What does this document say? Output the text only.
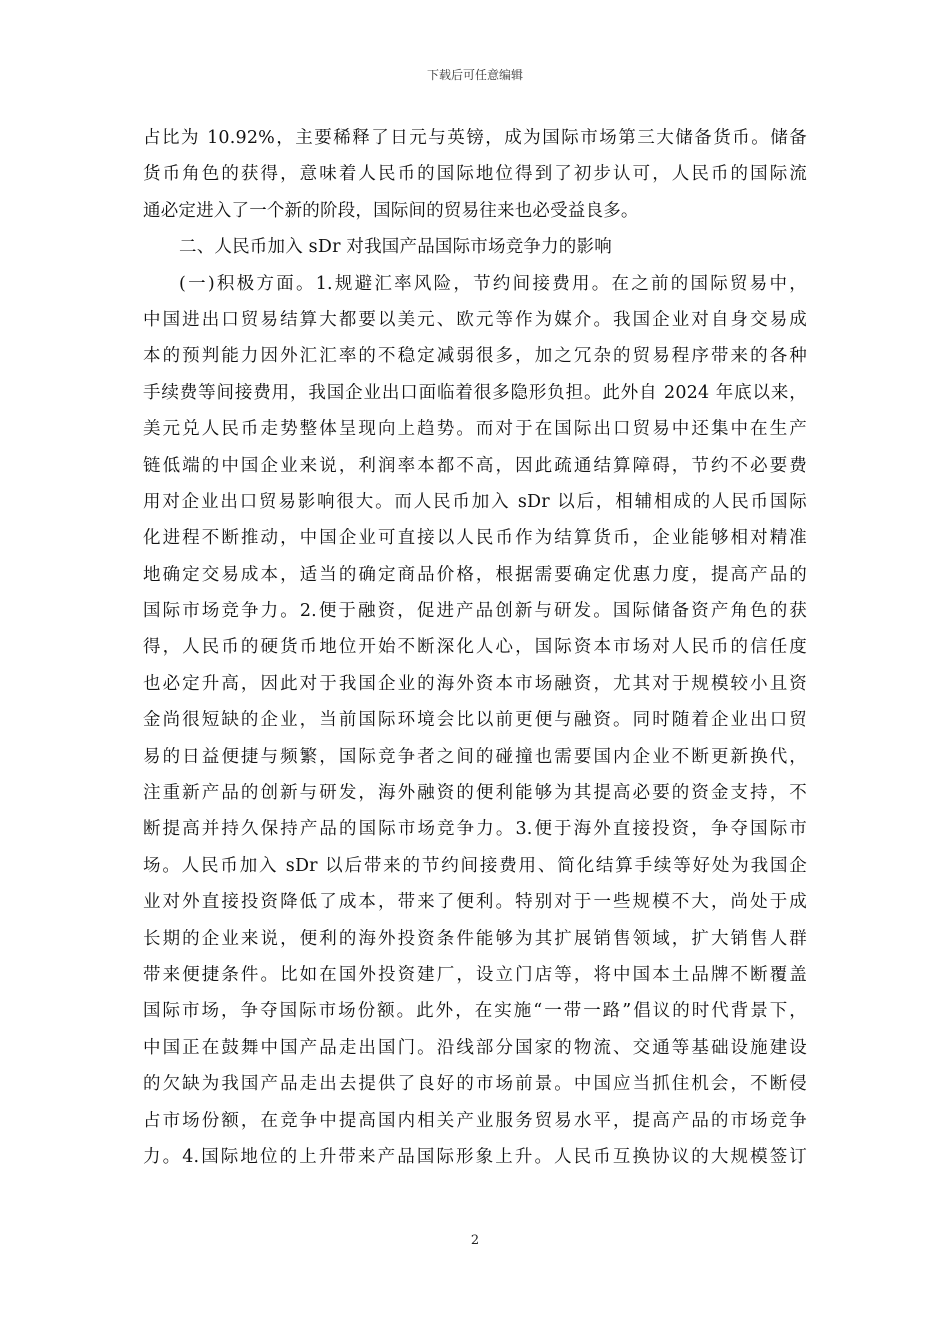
下载后可任意编辑
占比为 10.92%，主要稀释了日元与英镑，成为国际市场第三大储备货币。储备
货币角色的获得，意味着人民币的国际地位得到了初步认可，人民币的国际流
通必定进入了一个新的阶段，国际间的贸易往来也必受益良多。
二、人民币加入 sDr 对我国产品国际市场竞争力的影响
(一)积极方面。1.规避汇率风险，节约间接费用。在之前的国际贸易中，
中国进出口贸易结算大都要以美元、欧元等作为媒介。我国企业对自身交易成
本的预判能力因外汇汇率的不稳定减弱很多，加之冗杂的贸易程序带来的各种
手续费等间接费用，我国企业出口面临着很多隐形负担。此外自 2024 年底以来，
美元兑人民币走势整体呈现向上趋势。而对于在国际出口贸易中还集中在生产
链低端的中国企业来说，利润率本都不高，因此疏通结算障碍，节约不必要费
用对企业出口贸易影响很大。而人民币加入 sDr 以后，相辅相成的人民币国际
化进程不断推动，中国企业可直接以人民币作为结算货币，企业能够相对精准
地确定交易成本，适当的确定商品价格，根据需要确定优惠力度，提高产品的
国际市场竞争力。2.便于融资，促进产品创新与研发。国际储备资产角色的获
得，人民币的硬货币地位开始不断深化人心，国际资本市场对人民币的信任度
也必定升高，因此对于我国企业的海外资本市场融资，尤其对于规模较小且资
金尚很短缺的企业，当前国际环境会比以前更便与融资。同时随着企业出口贸
易的日益便捷与频繁，国际竞争者之间的碰撞也需要国内企业不断更新换代，
注重新产品的创新与研发，海外融资的便利能够为其提高必要的资金支持，不
断提高并持久保持产品的国际市场竞争力。3.便于海外直接投资，争夺国际市
场。人民币加入 sDr 以后带来的节约间接费用、简化结算手续等好处为我国企
业对外直接投资降低了成本，带来了便利。特别对于一些规模不大，尚处于成
长期的企业来说，便利的海外投资条件能够为其扩展销售领域，扩大销售人群
带来便捷条件。比如在国外投资建厂，设立门店等，将中国本土品牌不断覆盖
国际市场，争夺国际市场份额。此外，在实施“一带一路”倡议的时代背景下，
中国正在鼓舞中国产品走出国门。沿线部分国家的物流、交通等基础设施建设
的欠缺为我国产品走出去提供了良好的市场前景。中国应当抓住机会，不断侵
占市场份额，在竞争中提高国内相关产业服务贸易水平，提高产品的市场竞争
力。4.国际地位的上升带来产品国际形象上升。人民币互换协议的大规模签订
2
